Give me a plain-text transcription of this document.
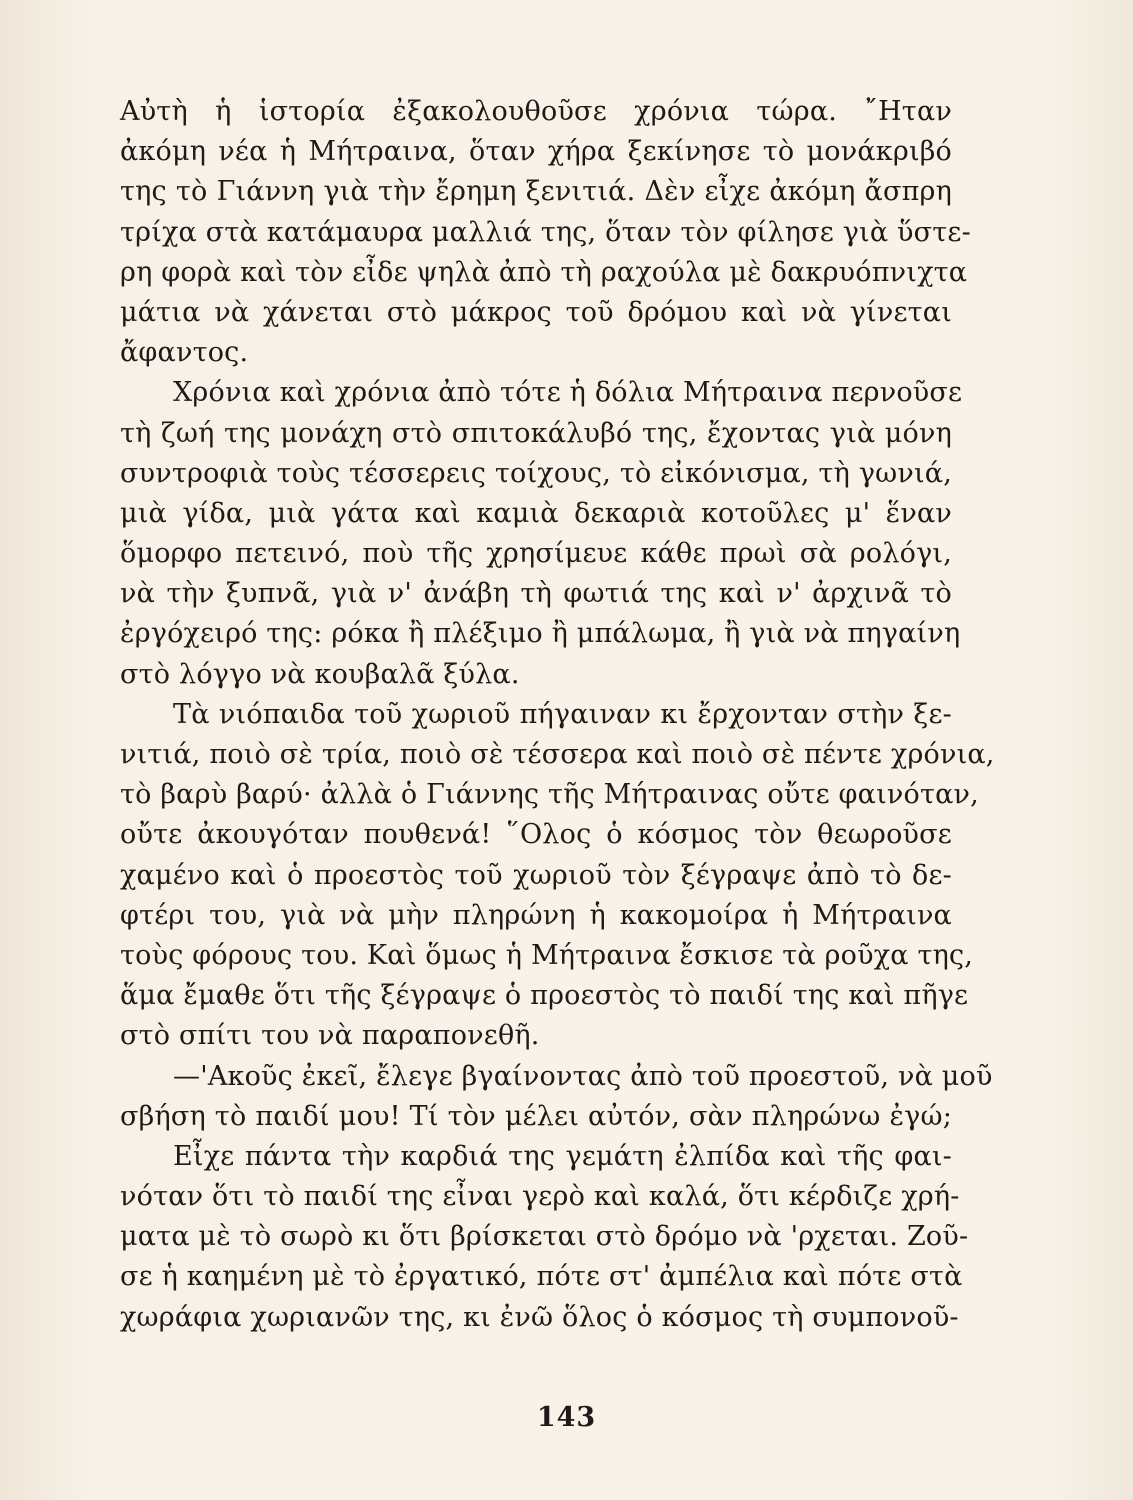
Αὐτὴ ἡ ἱστορία ἐξακολουθοῦσε χρόνια τώρα. ῎Ηταν
ἀκόμη νέα ἡ Μήτραινα, ὅταν χήρα ξεκίνησε τὸ μονάκριβό
της τὸ Γιάννη γιὰ τὴν ἔρημη ξενιτιά. Δὲν εἶχε ἀκόμη ἄσπρη
τρίχα στὰ κατάμαυρα μαλλιά της, ὅταν τὸν φίλησε γιὰ ὕστε-
ρη φορὰ καὶ τὸν εἶδε ψηλὰ ἀπὸ τὴ ραχούλα μὲ δακρυόπνιχτα
μάτια νὰ χάνεται στὸ μάκρος τοῦ δρόμου καὶ νὰ γίνεται
ἄφαντος.
Χρόνια καὶ χρόνια ἀπὸ τότε ἡ δόλια Μήτραινα περνοῦσε
τὴ ζωή της μονάχη στὸ σπιτοκάλυβό της, ἔχοντας γιὰ μόνη
συντροφιὰ τοὺς τέσσερεις τοίχους, τὸ εἰκόνισμα, τὴ γωνιά,
μιὰ γίδα, μιὰ γάτα καὶ καμιὰ δεκαριὰ κοτοῦλες μ' ἕναν
ὅμορφο πετεινό, ποὺ τῆς χρησίμευε κάθε πρωὶ σὰ ρολόγι,
νὰ τὴν ξυπνᾶ, γιὰ ν' ἀνάβη τὴ φωτιά της καὶ ν' ἀρχινᾶ τὸ
ἐργόχειρό της: ρόκα ἢ πλέξιμο ἢ μπάλωμα, ἢ γιὰ νὰ πηγαίνη
στὸ λόγγο νὰ κουβαλᾶ ξύλα.
Τὰ νιόπαιδα τοῦ χωριοῦ πήγαιναν κι ἔρχονταν στὴν ξε-
νιτιά, ποιὸ σὲ τρία, ποιὸ σὲ τέσσερα καὶ ποιὸ σὲ πέντε χρόνια,
τὸ βαρὺ βαρύ· ἀλλὰ ὁ Γιάννης τῆς Μήτραινας οὔτε φαινόταν,
οὔτε ἀκουγόταν πουθενά! ῞Ολος ὁ κόσμος τὸν θεωροῦσε
χαμένο καὶ ὁ προεστὸς τοῦ χωριοῦ τὸν ξέγραψε ἀπὸ τὸ δε-
φτέρι του, γιὰ νὰ μὴν πληρώνη ἡ κακομοίρα ἡ Μήτραινα
τοὺς φόρους του. Καὶ ὅμως ἡ Μήτραινα ἔσκισε τὰ ροῦχα της,
ἅμα ἔμαθε ὅτι τῆς ξέγραψε ὁ προεστὸς τὸ παιδί της καὶ πῆγε
στὸ σπίτι του νὰ παραπονεθῆ.
—'Ακοῦς ἐκεῖ, ἔλεγε βγαίνοντας ἀπὸ τοῦ προεστοῦ, νὰ μοῦ
σβήση τὸ παιδί μου! Τί τὸν μέλει αὐτόν, σὰν πληρώνω ἐγώ;
Εἶχε πάντα τὴν καρδιά της γεμάτη ἐλπίδα καὶ τῆς φαι-
νόταν ὅτι τὸ παιδί της εἶναι γερὸ καὶ καλά, ὅτι κέρδιζε χρή-
ματα μὲ τὸ σωρὸ κι ὅτι βρίσκεται στὸ δρόμο νὰ 'ρχεται. Ζοῦ-
σε ἡ καημένη μὲ τὸ ἐργατικό, πότε στ' ἀμπέλια καὶ πότε στὰ
χωράφια χωριανῶν της, κι ἐνῶ ὅλος ὁ κόσμος τὴ συμπονοῦ-
143
